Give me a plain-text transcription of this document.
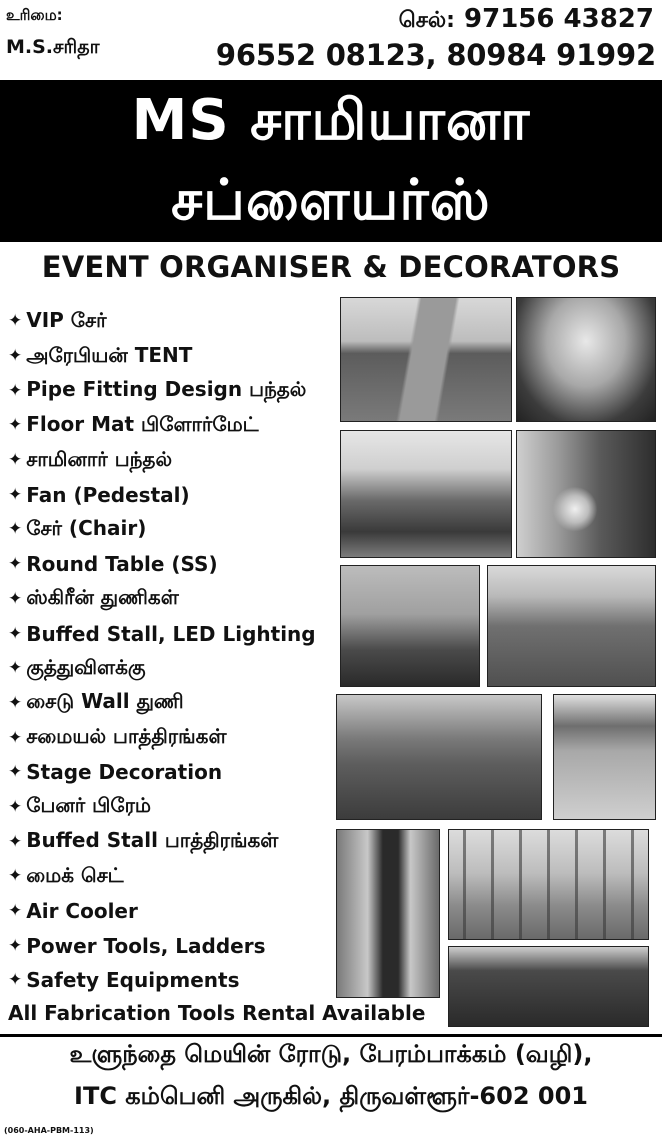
உரிமை:
M.S.சரிதா
செல்: 97156 43827
96552 08123, 80984 91992
MS சாமியானா
சப்ளையர்ஸ்
EVENT ORGANISER & DECORATORS
✦ VIP சேர்
✦ அரேபியன் TENT
✦ Pipe Fitting Design பந்தல்
✦ Floor Mat பிளோர்மேட்
✦ சாமினார் பந்தல்
✦ Fan (Pedestal)
✦ சேர் (Chair)
✦ Round Table (SS)
✦ ஸ்கிரீன் துணிகள்
✦ Buffed Stall, LED Lighting
✦ குத்துவிளக்கு
✦ சைடு Wall துணி
✦ சமையல் பாத்திரங்கள்
✦ Stage Decoration
✦ பேனர் பிரேம்
✦ Buffed Stall பாத்திரங்கள்
✦ மைக் செட்
✦ Air Cooler
✦ Power Tools, Ladders
✦ Safety Equipments
All Fabrication Tools Rental Available
உளுந்தை மெயின் ரோடு, பேரம்பாக்கம் (வழி),
ITC கம்பெனி அருகில், திருவள்ளூர்-602 001
(060-AHA-PBM-113)
